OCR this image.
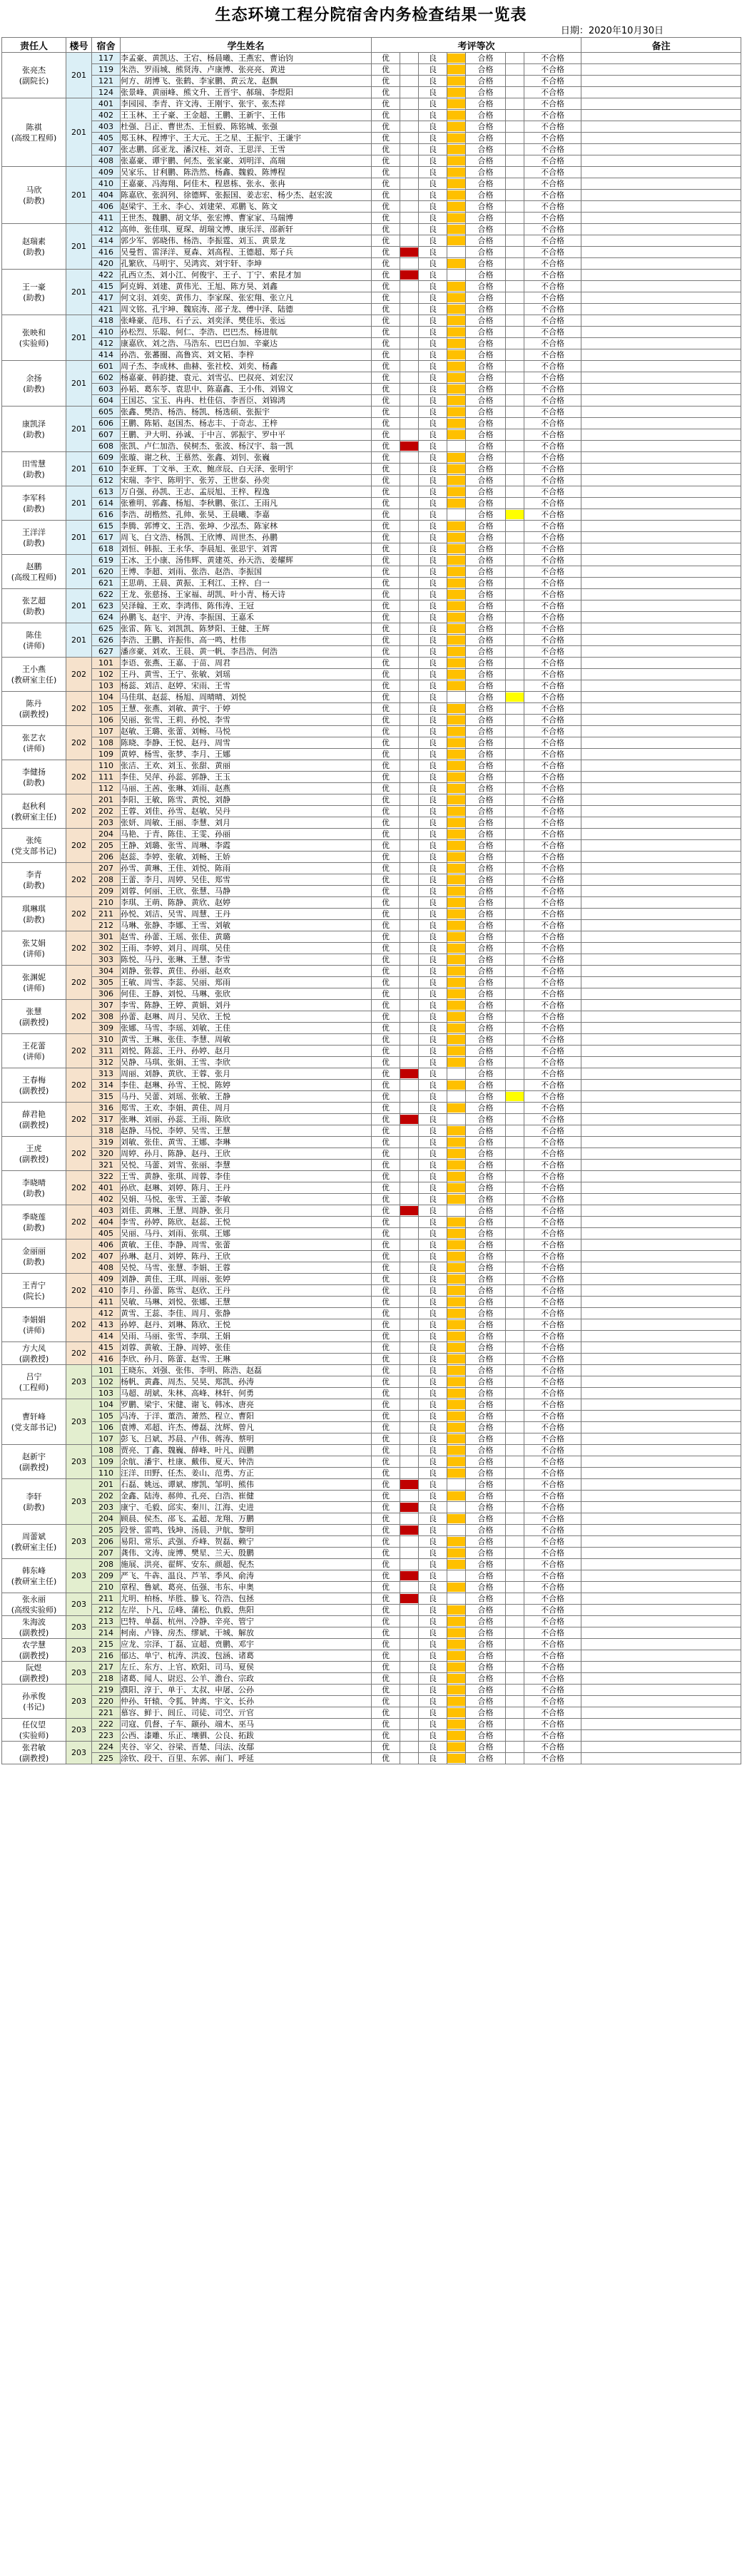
生态环境工程分院宿舍内务检查结果一览表
日期：2020年10月30日
责任人	楼号	宿舍	学生姓名	考评等次							备注
张亮杰
(副院长)	201	117	李孟豪、黄凯达、王宕、杨晨曦、王燕宏、曹诒钧	优		良		合格		不合格	
		119	朱浩、罗雨城、熊贤涛、卢康博、张亮亮、黄进	优		良		合格		不合格	
		121	何方、胡博飞、张鹤、李家鹏、黄云龙、赵飘	优		良		合格		不合格	
		124	张景峰、黄丽峰、熊文升、王晋宇、郝瑞、李煜阳	优		良		合格		不合格	
陈祺
(高级工程师)	201	401	李园园、李青、许文涛、王刚宇、张宇、张杰祥	优		良		合格		不合格	
		402	王玉林、王子豪、王金超、王鹏、王新宇、王伟	优		良		合格		不合格	
		403	杜强、吕正、曹世杰、王恒毅、陈铭城、张强	优		良		合格		不合格	
		405	郑玉林、程博宇、王大元、王之星、王振宇、王谦宇	优		良		合格		不合格	
		407	张志鹏、邱亚龙、潘汉桂、刘奇、王思洋、王雪	优		良		合格		不合格	
		408	张嘉豪、谭宇鹏、何杰、张家豪、刘明洋、高瑞	优		良		合格		不合格	
马欣
(助教)	201	409	吴家乐、甘利鹏、陈浩然、杨鑫、魏毅、陈博程	优		良		合格		不合格	
		410	王嘉豪、冯海翔、阿佳木、程恩栋、张永、张冉	优		良		合格		不合格	
		404	陈嘉欣、张润列、徐德辉、张振国、姜志宏、杨少杰、赵宏波	优		良		合格		不合格	
		406	赵梁宇、王永、李心、刘建荣、邓鹏飞、陈文	优		良		合格		不合格	
		411	王世杰、魏鹏、胡文华、张宏博、曹家家、马瑞博	优		良		合格		不合格	
赵瑞素
(助教)	201	412	高帅、张佳琪、夏琛、胡瑞文博、康乐洋、邵新轩	优		良		合格		不合格	
		414	郭少军、郭晓伟、杨浩、李振霆、刘玉、黄景龙	优		良		合格		不合格	
		416	吴曼哲、雷泽洋、夏森、刘高程、王德超、郑子兵	优		良		合格		不合格	
		420	孔繁欣、马明宇、吴鸿宾、刘宇轩、李坤	优		良		合格		不合格	
王一豪
(助教)	201	422	孔西立杰、刘小江、何俊宇、王子、丁宁、索昆才加	优		良		合格		不合格	
		415	阿克姆、刘建、黄伟光、王旭、陈方昊、刘鑫	优		良		合格		不合格	
		417	何文羽、刘奕、黄伟力、李家琛、张宏翔、张立凡	优		良		合格		不合格	
		421	周文铭、孔宇坤、魏宸涛、邵子龙、傅中泽、陆德	优		良		合格		不合格	
张映和
(实验师)	201	418	张峰豪、范玮、石子云、刘奕泽、樊佳乐、张远	优		良		合格		不合格	
		410	孙松烈、乐聪、何仁、李浩、巴巴杰、杨进航	优		良		合格		不合格	
		412	康嘉欣、刘之浩、马浩东、巴巴白加、辛豪达	优		良		合格		不合格	
		414	孙浩、张蕃圈、高鲁宾、刘文韬、李梓	优		良		合格		不合格	
余扬
(助教)	201	601	周子杰、李成林、曲赫、张社校、刘奕、杨鑫	优		良		合格		不合格	
		602	杨嘉豪、韩韵捷、袁元、刘雪弘、巴叔亮、刘宏汉	优		良		合格		不合格	
		603	孙韬、葛东苓、袁思中、陈嘉鑫、王小伟、刘锦文	优		良		合格		不合格	
		604	王国芯、宝玉、冉冉、杜佳信、李晋臣、刘锦鸿	优		良		合格		不合格	
康凯泽
(助教)	201	605	张鑫、樊浩、杨浩、杨凯、杨选硕、张振宇	优		良		合格		不合格	
		606	王鹏、陈韬、赵国杰、杨志丰、于奇志、王梓	优		良		合格		不合格	
		607	王鹏、尹大明、孙诚、于中言、郭振宇、罗中平	优		良		合格		不合格	
		608	张凯、卢仁加浩、侯树杰、张波、杨汉宇、翁一凯	优		良		合格		不合格	
田雪慧
(助教)	201	609	张璇、谢之秋、王慕然、张鑫、刘钊、张巍	优		良		合格		不合格	
		610	李亚辉、丁文举、王欢、鲍彦辰、白天泽、张明宇	优		良		合格		不合格	
		612	宋瑞、李宇、陈明宇、张芳、王世泰、孙奕	优		良		合格		不合格	
李军科
(助教)	201	613	万自强、孙凯、王志、孟辰旭、王梓、程逸	优		良		合格		不合格	
		614	张雅明、郭鑫、杨旭、李秋鹏、张江、王雨凡	优		良		合格		不合格	
		616	李浩、胡楷然、孔帅、张昊、王晨曦、李嘉	优		良		合格		不合格	
王洋洋
(助教)	201	615	李腾、郭博文、王浩、张坤、少泓杰、陈家林	优		良		合格		不合格	
		617	周飞、白文浩、杨凯、王欣博、周世杰、孙鹏	优		良		合格		不合格	
		618	刘恒、韩振、王永华、李晨旭、张思宇、刘霄	优		良		合格		不合格	
赵鹏
(高级工程师)	201	619	王冰、王小康、汤伟辉、黄建英、孙天浩、姜耀辉	优		良		合格		不合格	
		620	王博、李超、刘雨、张浩、赵浩、李振国	优		良		合格		不合格	
		621	王思萌、王晨、黄振、王利江、王梓、白一	优		良		合格		不合格	
张艺超
(助教)	201	622	王龙、张慈扬、王家福、胡凯、叶小青、杨天诗	优		良		合格		不合格	
		623	吴泽翰、王欢、李鸿伟、陈伟涛、王冠	优		良		合格		不合格	
		624	孙鹏飞、赵宇、尹涛、李振国、王嘉禾	优		良		合格		不合格	
陈佳
(讲师)	201	625	张雷、陈飞、刘凯凯、陈梦阳、王健、王辉	优		良		合格		不合格	
		626	李浩、王鹏、许振伟、高一鸣、杜伟	优		良		合格		不合格	
		627	潘彦豪、刘欢、王晨、黄一帆、李昌浩、何浩	优		良		合格		不合格	
王小燕
(教研室主任)	202	101	李语、张燕、王嘉、于苗、周君	优		良		合格		不合格	
		102	王丹、黄雪、王宁、张敏、刘瑶	优		良		合格		不合格	
		103	杨蕊、刘洁、赵婷、宋雨、王雪	优		良		合格		不合格	
陈丹
(副教授)	202	104	马佳琪、赵蕊、杨旭、周晴晴、刘悦	优		良		合格		不合格	
		105	王慧、张燕、刘敏、黄宇、于婷	优		良		合格		不合格	
		106	吴丽、张雪、王莉、孙悦、李雪	优		良		合格		不合格	
张艺衣
(讲师)	202	107	赵敏、王璐、张蕾、刘畅、马悦	优		良		合格		不合格	
		108	陈晓、李静、王悦、赵丹、周雪	优		良		合格		不合格	
		109	黄婷、杨雪、张梦、李月、王娜	优		良		合格		不合格	
李健扬
(助教)	202	110	张洁、王欢、刘玉、张甜、黄丽	优		良		合格		不合格	
		111	李佳、吴萍、孙蕊、郭静、王玉	优		良		合格		不合格	
		112	马丽、王茜、张琳、刘雨、赵燕	优		良		合格		不合格	
赵秋利
(教研室主任)	202	201	李阳、王敏、陈雪、黄悦、刘静	优		良		合格		不合格	
		202	王蓉、刘佳、孙雪、赵敏、吴丹	优		良		合格		不合格	
		203	张妍、周敏、王丽、李慧、刘月	优		良		合格		不合格	
张纯
(党支部书记)	202	204	马艳、于青、陈佳、王雯、孙丽	优		良		合格		不合格	
		205	王静、刘璐、张雪、周琳、李霞	优		良		合格		不合格	
		206	赵蕊、李婷、张敏、刘畅、王娇	优		良		合格		不合格	
李青
(助教)	202	207	孙雪、黄琳、王佳、刘悦、陈雨	优		良		合格		不合格	
		208	王蕾、李月、周婷、吴佳、郑雪	优		良		合格		不合格	
		209	刘蓉、何丽、王欣、张慧、马静	优		良		合格		不合格	
琪琳琪
(助教)	202	210	李琪、王萌、陈静、黄欣、赵婷	优		良		合格		不合格	
		211	孙悦、刘洁、吴雪、周慧、王丹	优		良		合格		不合格	
		212	马琳、张静、李娜、王雪、刘敏	优		良		合格		不合格	
张艾娟
(讲师)	202	301	赵雪、孙蕾、王瑶、张佳、黄璐	优		良		合格		不合格	
		302	王雨、李婷、刘月、周琪、吴佳	优		良		合格		不合格	
		303	陈悦、马丹、张琳、王慧、李雪	优		良		合格		不合格	
张渊妮
(讲师)	202	304	刘静、张蓉、黄佳、孙丽、赵欢	优		良		合格		不合格	
		305	王敏、周雪、李蕊、吴丽、郑雨	优		良		合格		不合格	
		306	何佳、王静、刘悦、马琳、张欣	优		良		合格		不合格	
张慧
(副教授)	202	307	李雪、陈静、王婷、黄娟、刘丹	优		良		合格		不合格	
		308	孙蕾、赵琳、周月、吴欣、王悦	优		良		合格		不合格	
		309	张娜、马雪、李瑶、刘敏、王佳	优		良		合格		不合格	
王花蕾
(讲师)	202	310	黄雪、王琳、张佳、李慧、周敏	优		良		合格		不合格	
		311	刘悦、陈蕊、王丹、孙婷、赵月	优		良		合格		不合格	
		312	吴静、马琪、张娟、王雪、李欣	优		良		合格		不合格	
王春梅
(副教授)	202	313	周丽、刘静、黄欣、王蓉、张月	优		良		合格		不合格	
		314	李佳、赵琳、孙雪、王悦、陈婷	优		良		合格		不合格	
		315	马丹、吴蕾、刘瑶、张敏、王静	优		良		合格		不合格	
薛君艳
(副教授)	202	316	郑雪、王欢、李娟、黄佳、周月	优		良		合格		不合格	
		317	张琳、刘丽、孙蕊、王雨、陈欣	优		良		合格		不合格	
		318	赵静、马悦、李婷、吴雪、王慧	优		良		合格		不合格	
王虎
(副教授)	202	319	刘敏、张佳、黄雪、王娜、李琳	优		良		合格		不合格	
		320	周婷、孙月、陈静、赵丹、王欣	优		良		合格		不合格	
		321	吴悦、马蕾、刘雪、张丽、李慧	优		良		合格		不合格	
李晓晴
(助教)	202	322	王雪、黄静、张琪、周蓉、李佳	优		良		合格		不合格	
		401	孙欣、赵琳、刘婷、陈月、王丹	优		良		合格		不合格	
		402	吴娟、马悦、张雪、王蕾、李敏	优		良		合格		不合格	
季晓莲
(助教)	202	403	刘佳、黄琳、王慧、周静、张月	优		良		合格		不合格	
		404	李雪、孙婷、陈欣、赵蕊、王悦	优		良		合格		不合格	
		405	吴丽、马丹、刘雨、张琪、王娜	优		良		合格		不合格	
金丽丽
(助教)	202	406	黄敏、王佳、李静、周雪、张蕾	优		良		合格		不合格	
		407	孙琳、赵月、刘婷、陈丹、王欣	优		良		合格		不合格	
		408	吴悦、马雪、张慧、李娟、王蓉	优		良		合格		不合格	
王青宁
(院长)	202	409	刘静、黄佳、王琪、周丽、张婷	优		良		合格		不合格	
		410	李月、孙蕾、陈雪、赵欣、王丹	优		良		合格		不合格	
		411	吴敏、马琳、刘悦、张娜、王慧	优		良		合格		不合格	
李娟娟
(讲师)	202	412	黄雪、王蕊、李佳、周月、张静	优		良		合格		不合格	
		413	孙婷、赵丹、刘琳、陈欣、王悦	优		良		合格		不合格	
		414	吴雨、马丽、张雪、李琪、王娟	优		良		合格		不合格	
方大凤
(副教授)	202	415	刘蓉、黄敏、王静、周婷、张佳	优		良		合格		不合格	
		416	李欣、孙月、陈蕾、赵雪、王琳	优		良		合格		不合格	
吕宁
(工程师)	203	101	王晓东、刘强、张伟、李明、陈浩、赵磊	优		良		合格		不合格	
		102	杨帆、黄鑫、周杰、吴昊、郑凯、孙涛	优		良		合格		不合格	
		103	马超、胡斌、朱林、高峰、林轩、何勇	优		良		合格		不合格	
曹轩峰
(党支部书记)	203	104	罗鹏、梁宇、宋健、谢飞、韩冰、唐亮	优		良		合格		不合格	
		105	冯涛、于洋、董浩、萧然、程立、曹阳	优		良		合格		不合格	
		106	袁博、邓超、许杰、傅磊、沈辉、曾凡	优		良		合格		不合格	
		107	彭飞、吕斌、苏晨、卢伟、蒋涛、蔡明	优		良		合格		不合格	
赵新宇
(副教授)	203	108	贾亮、丁鑫、魏巍、薛峰、叶凡、阎鹏	优		良		合格		不合格	
		109	余航、潘宇、杜康、戴伟、夏天、钟浩	优		良		合格		不合格	
		110	汪洋、田野、任杰、姜山、范勇、方正	优		良		合格		不合格	
李轩
(助教)	203	201	石磊、姚远、谭斌、廖凯、邹明、熊伟	优		良		合格		不合格	
		202	金鑫、陆涛、郝帅、孔亮、白浩、崔健	优		良		合格		不合格	
		203	康宁、毛毅、邱实、秦川、江海、史进	优		良		合格		不合格	
		204	顾晨、侯杰、邵飞、孟超、龙翔、万鹏	优		良		合格		不合格	
周蕾斌
(教研室主任)	203	205	段誉、雷鸣、钱坤、汤晨、尹航、黎明	优		良		合格		不合格	
		206	易阳、常乐、武强、乔峰、贺磊、赖宁	优		良		合格		不合格	
		207	龚伟、文涛、庞博、樊星、兰天、殷鹏	优		良		合格		不合格	
韩东峰
(教研室主任)	203	208	施展、洪亮、翟辉、安东、颜超、倪杰	优		良		合格		不合格	
		209	严飞、牛犇、温良、芦苇、季风、俞涛	优		良		合格		不合格	
		210	章程、鲁斌、葛亮、伍强、韦东、申奥	优		良		合格		不合格	
张永丽
(高级实验师)	203	211	尤明、柏杨、毕胜、滕飞、符浩、包拯	优		良		合格		不合格	
		212	左岸、卜凡、岳峰、蒲松、仇毅、焦阳	优		良		合格		不合格	
朱海波
(副教授)	203	213	巴特、单磊、杭州、冷静、辛亮、管宁	优		良		合格		不合格	
		214	柯南、卢锋、房杰、缪斌、干城、解放	优		良		合格		不合格	
农学慧
(副教授)	203	215	应龙、宗泽、丁磊、宣超、贲鹏、邓宇	优		良		合格		不合格	
		216	郁达、单宁、杭涛、洪波、包涵、诸葛	优		良		合格		不合格	
阮煜
(副教授)	203	217	左丘、东方、上官、欧阳、司马、夏侯	优		良		合格		不合格	
		218	诸葛、闻人、尉迟、公羊、澹台、宗政	优		良		合格		不合格	
孙承俊
(书记)	203	219	濮阳、淳于、单于、太叔、申屠、公孙	优		良		合格		不合格	
		220	仲孙、轩辕、令狐、钟离、宇文、长孙	优		良		合格		不合格	
		221	慕容、鲜于、闾丘、司徒、司空、亓官	优		良		合格		不合格	
任仪望
(实验师)	203	222	司寇、仉督、子车、颛孙、端木、巫马	优		良		合格		不合格	
		223	公西、漆雕、乐正、壤驷、公良、拓跋	优		良		合格		不合格	
张君敏
(副教授)	203	224	夹谷、宰父、谷梁、晋楚、闫法、汝鄢	优		良		合格		不合格	
		225	涂钦、段干、百里、东郭、南门、呼延	优		良		合格		不合格	
